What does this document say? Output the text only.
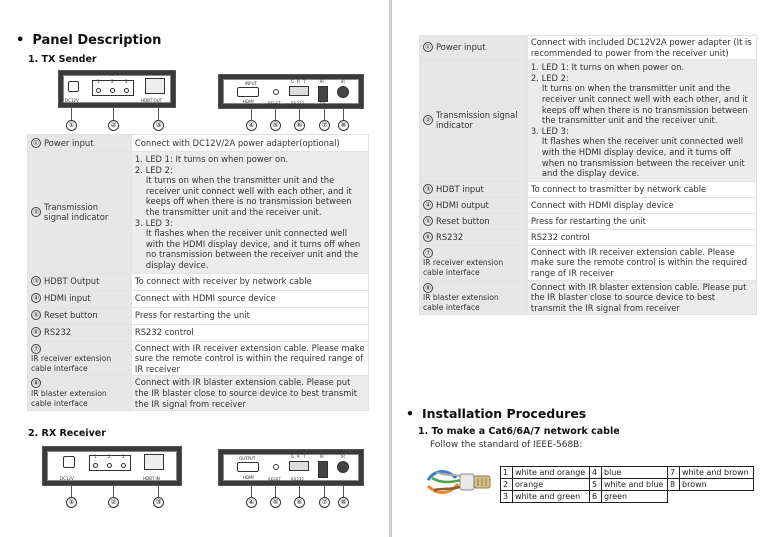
• Panel Description
1. TX Sender
DC12V
1	2	3
HDBT OUT
INPUT
HDMI	RESET
G R T
RS232
IR
5V
IR
①	②	③	④	⑤	⑥	⑦	⑧
① Power input	Connect with DC12V/2A power adapter(optional)
②Transmission signal indicator	1. LED 1: It turns on when power on.
2. LED 2:
It turns on when the transmitter unit and the receiver unit connect well with each other, and it keeps off when there is no transmission between the transmitter unit and the receiver unit.
3. LED 3:
It flashes when the receiver unit connected well with the HDMI display device, and it turns off when no transmission between the receiver unit and the display device.

③ HDBT Output	To connect with receiver by network cable
④ HDMI input	Connect with HDMI source device
⑤ Reset button	Press for restarting the unit
⑥ RS232	RS232 control
⑦IR receiver extension cable interface	Connect with IR receiver extension cable. Please make sure the remote control is within the required range of IR receiver
⑧IR blaster extension cable interface	Connect with IR blaster extension cable. Please put the IR blaster close to source device to best transmit the IR signal from receiver
2. RX Receiver
DC12V
1	2	3
HDBT IN
OUTPUT
HDMI	RESET
G R T
RS232
IR	IR
①	②	③	④	⑤	⑥	⑦	⑧
① Power input	Connect with included DC12V2A power adapter (It is recommended to power from the receiver unit)
②Transmission signal indicator	1. LED 1: It turns on when power on.
2. LED 2:
It turns on when the transmitter unit and the receiver unit connect well with each other, and it keeps off when there is no transmission between the transmitter unit and the receiver unit.
3. LED 3:
It flashes when the receiver unit connected well with the HDMI display device, and it turns off when no transmission between the receiver unit and the display device.

③ HDBT input	To connect to trasmitter by network cable
④ HDMI output	Connect with HDMI display device
⑤ Reset button	Press for restarting the unit
⑥ RS232	RS232 control
⑦IR receiver extension cable interface	Connect with IR receiver extension cable. Please make sure the remote control is within the required range of IR receiver
⑧IR blaster extension cable interface	Connect with IR blaster extension cable. Please put the IR blaster close to source device to best transmit the IR signal from receiver
• Installation Procedures
1. To make a Cat6/6A/7 network cable
Follow the standard of IEEE-568B:
1	white and orange	4	blue	7	white and brown
2	orange	5	white and blue	8	brown
3	white and green	6	green		
